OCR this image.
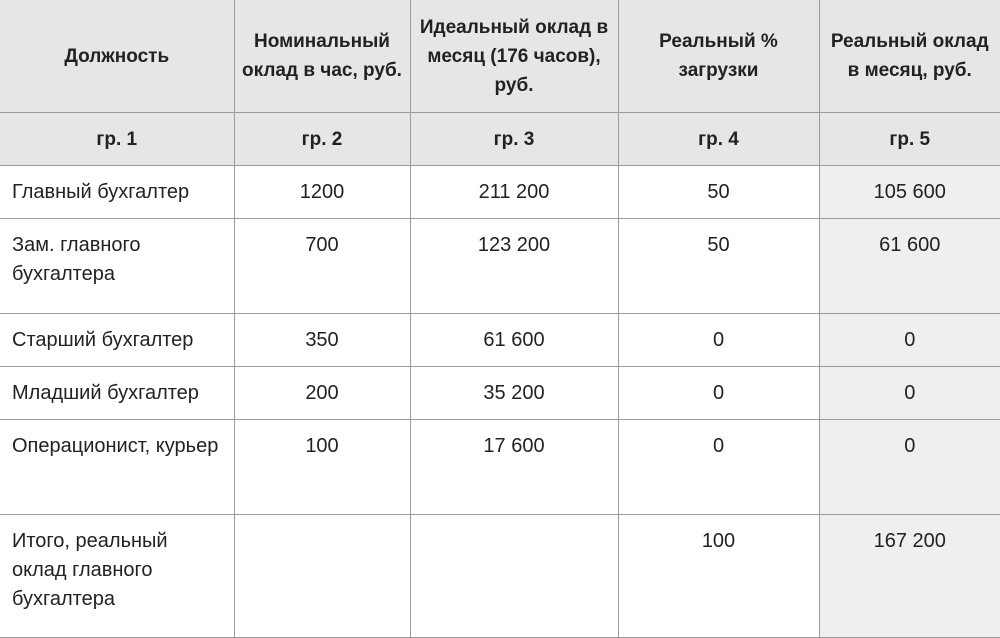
Должность	Номинальный оклад в час, руб.	Идеальный оклад в месяц (176 часов), руб.	Реальный % загрузки	Реальный оклад в месяц, руб.
гр. 1	гр. 2	гр. 3	гр. 4	гр. 5
Главный бухгалтер	1200	211 200	50	105 600
Зам. главного бухгалтера	700	123 200	50	61 600
Старший бухгалтер	350	61 600	0	0
Младший бухгалтер	200	35 200	0	0
Операционист, курьер	100	17 600	0	0
Итого, реальный оклад главного бухгалтера			100	167 200
